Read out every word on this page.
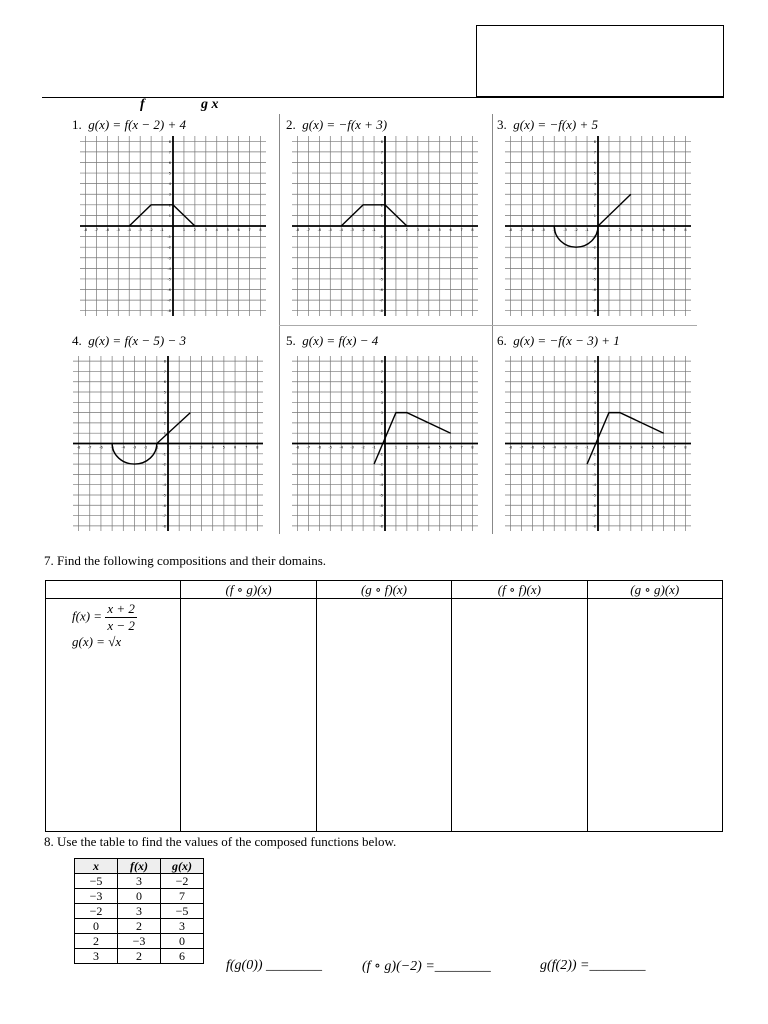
f	g x
1. g(x) = f(x − 2) + 4	2. g(x) = −f(x + 3)	3. g(x) = −f(x) + 5
4. g(x) = f(x − 5) − 3	5. g(x) = f(x) − 4	6. g(x) = −f(x − 3) + 1
-8 -7 -6 -5 -4 -3 -2 -1	1 2 3 4 5 6 7 8
-8
-7
-6
-5
-4
-3
-2
-1
1
2
3
4
5
6
7
8
-8 -7 -6 -5 -4 -3 -2 -1	1 2 3 4 5 6 7 8
-8
-7
-6
-5
-4
-3
-2
-1
1
2
3
4
5
6
7
8
-8 -7 -6 -5 -4 -3 -2 -1	1 2 3 4 5 6 7 8
-8
-7
-6
-5
-4
-3
-2
-1
1
2
3
4
5
6
7
8
-8 -7 -6 -5 -4 -3 -2 -1	1	2	3	4	5	6	7	8
-8
-7
-6
-5
-4
-3
-2
-1
1
2
3
4
5
6
7
8
-8 -7 -6 -5 -4 -3 -2 -1	1 2 3 4 5 6 7 8
-8
-7
-6
-5
-4
-3
-2
-1
1
2
3
4
5
6
7
8
-8 -7 -6 -5 -4 -3 -2 -1	1 2 3 4 5 6 7 8
-8
-7
-6
-5
-4
-3
-2
-1
1
2
3
4
5
6
7
8
7. Find the following compositions and their domains.
	(f ∘ g)(x)	(g ∘ f)(x)	(f ∘ f)(x)	(g ∘ g)(x)
$f(x) = \frac{x + 2}{x - 2}$
g(x) = √x				

8. Use the table to find the values of the composed functions below.
x	f(x)	g(x)
−5	3	−2
−3	0	7
−2	3	−5
0	2	3
2	−3	0
3	2	6
f(g(0)) ________	(f ∘ g)(−2) =________	g(f(2)) =________
